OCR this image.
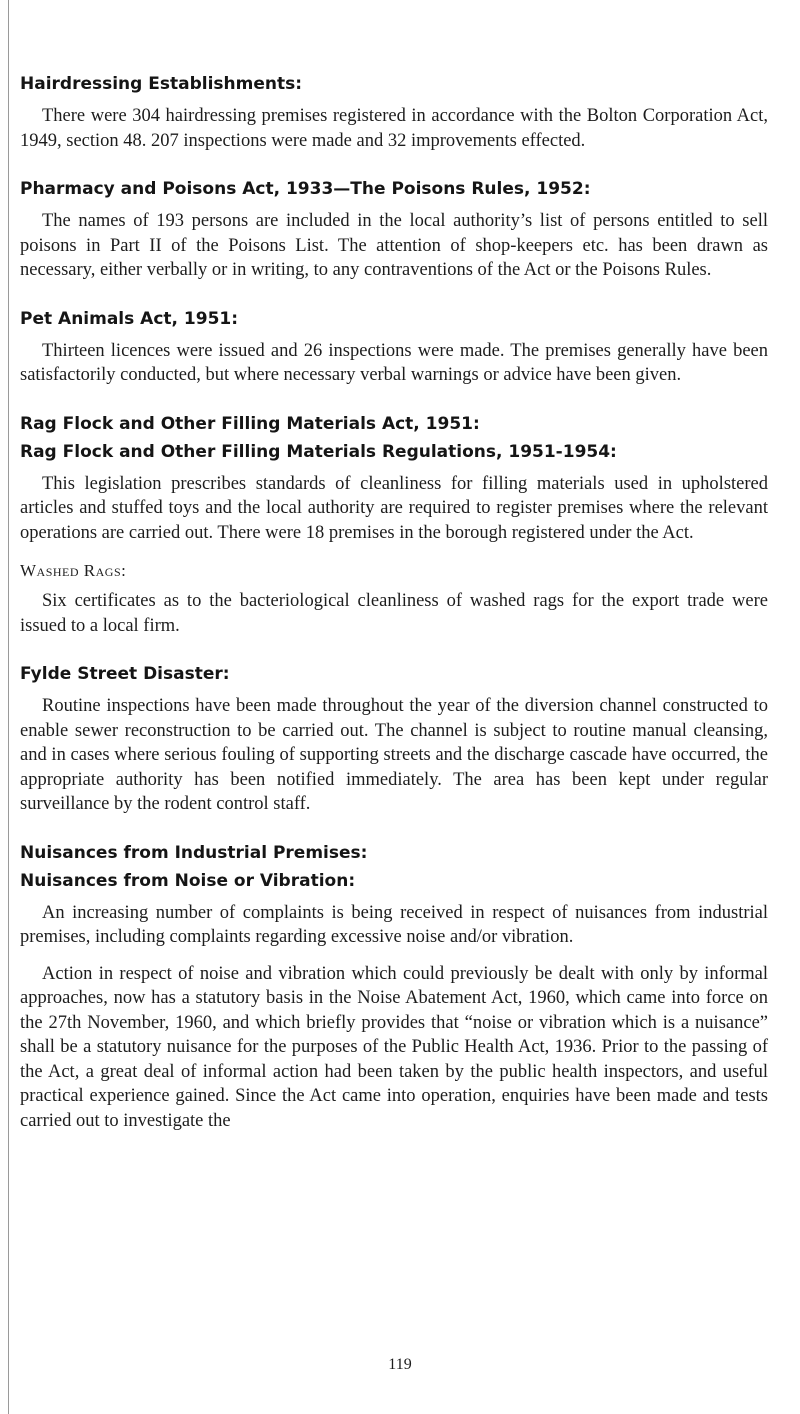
Hairdressing Establishments:

There were 304 hairdressing premises registered in accordance with the Bolton Corporation Act, 1949, section 48. 207 inspections were made and 32 improvements effected.

Pharmacy and Poisons Act, 1933—The Poisons Rules, 1952:

The names of 193 persons are included in the local authority’s list of persons entitled to sell poisons in Part II of the Poisons List. The attention of shop-keepers etc. has been drawn as necessary, either verbally or in writing, to any contraventions of the Act or the Poisons Rules.

Pet Animals Act, 1951:

Thirteen licences were issued and 26 inspections were made. The premises generally have been satisfactorily conducted, but where necessary verbal warnings or advice have been given.

Rag Flock and Other Filling Materials Act, 1951:
Rag Flock and Other Filling Materials Regulations, 1951-1954:

This legislation prescribes standards of cleanliness for filling materials used in upholstered articles and stuffed toys and the local authority are required to register premises where the relevant operations are carried out. There were 18 premises in the borough registered under the Act.

Washed Rags:

Six certificates as to the bacteriological cleanliness of washed rags for the export trade were issued to a local firm.

Fylde Street Disaster:

Routine inspections have been made throughout the year of the diversion channel constructed to enable sewer reconstruction to be carried out. The channel is subject to routine manual cleansing, and in cases where serious fouling of supporting streets and the discharge cascade have occurred, the appropriate authority has been notified immediately. The area has been kept under regular surveillance by the rodent control staff.

Nuisances from Industrial Premises:
Nuisances from Noise or Vibration:

An increasing number of complaints is being received in respect of nuisances from industrial premises, including complaints regarding excessive noise and/or vibration.

Action in respect of noise and vibration which could previously be dealt with only by informal approaches, now has a statutory basis in the Noise Abatement Act, 1960, which came into force on the 27th November, 1960, and which briefly provides that “noise or vibration which is a nuisance” shall be a statutory nuisance for the purposes of the Public Health Act, 1936. Prior to the passing of the Act, a great deal of informal action had been taken by the public health inspectors, and useful practical experience gained. Since the Act came into operation, enquiries have been made and tests carried out to investigate the

119
